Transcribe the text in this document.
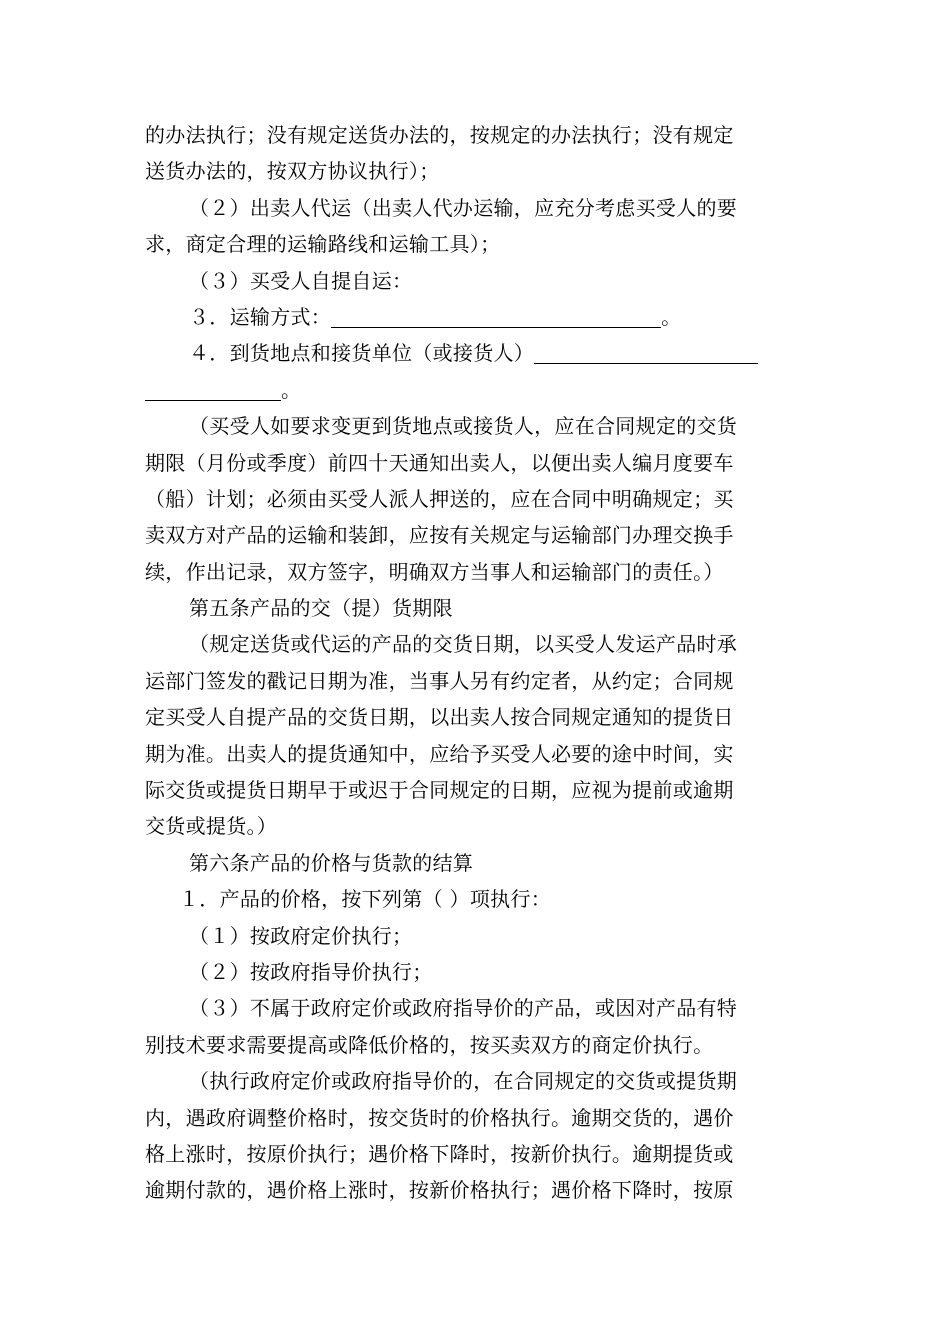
的办法执行；没有规定送货办法的，按规定的办法执行；没有规定
送货办法的，按双方协议执行）；
（２）出卖人代运（出卖人代办运输，应充分考虑买受人的要
求，商定合理的运输路线和运输工具）；
（３）买受人自提自运：
３．运输方式：	。
４．到货地点和接货单位（或接货人）
。
（买受人如要求变更到货地点或接货人，应在合同规定的交货
期限（月份或季度）前四十天通知出卖人，以便出卖人编月度要车
（船）计划；必须由买受人派人押送的，应在合同中明确规定；买
卖双方对产品的运输和装卸，应按有关规定与运输部门办理交换手
续，作出记录，双方签字，明确双方当事人和运输部门的责任。）
第五条产品的交（提）货期限
（规定送货或代运的产品的交货日期，以买受人发运产品时承
运部门签发的戳记日期为准，当事人另有约定者，从约定；合同规
定买受人自提产品的交货日期，以出卖人按合同规定通知的提货日
期为准。出卖人的提货通知中，应给予买受人必要的途中时间，实
际交货或提货日期早于或迟于合同规定的日期，应视为提前或逾期
交货或提货。）
第六条产品的价格与货款的结算
１．产品的价格，按下列第（ ）项执行：
（１）按政府定价执行；
（２）按政府指导价执行；
（３）不属于政府定价或政府指导价的产品，或因对产品有特
别技术要求需要提高或降低价格的，按买卖双方的商定价执行。
（执行政府定价或政府指导价的，在合同规定的交货或提货期
内，遇政府调整价格时，按交货时的价格执行。逾期交货的，遇价
格上涨时，按原价执行；遇价格下降时，按新价执行。逾期提货或
逾期付款的，遇价格上涨时，按新价格执行；遇价格下降时，按原
